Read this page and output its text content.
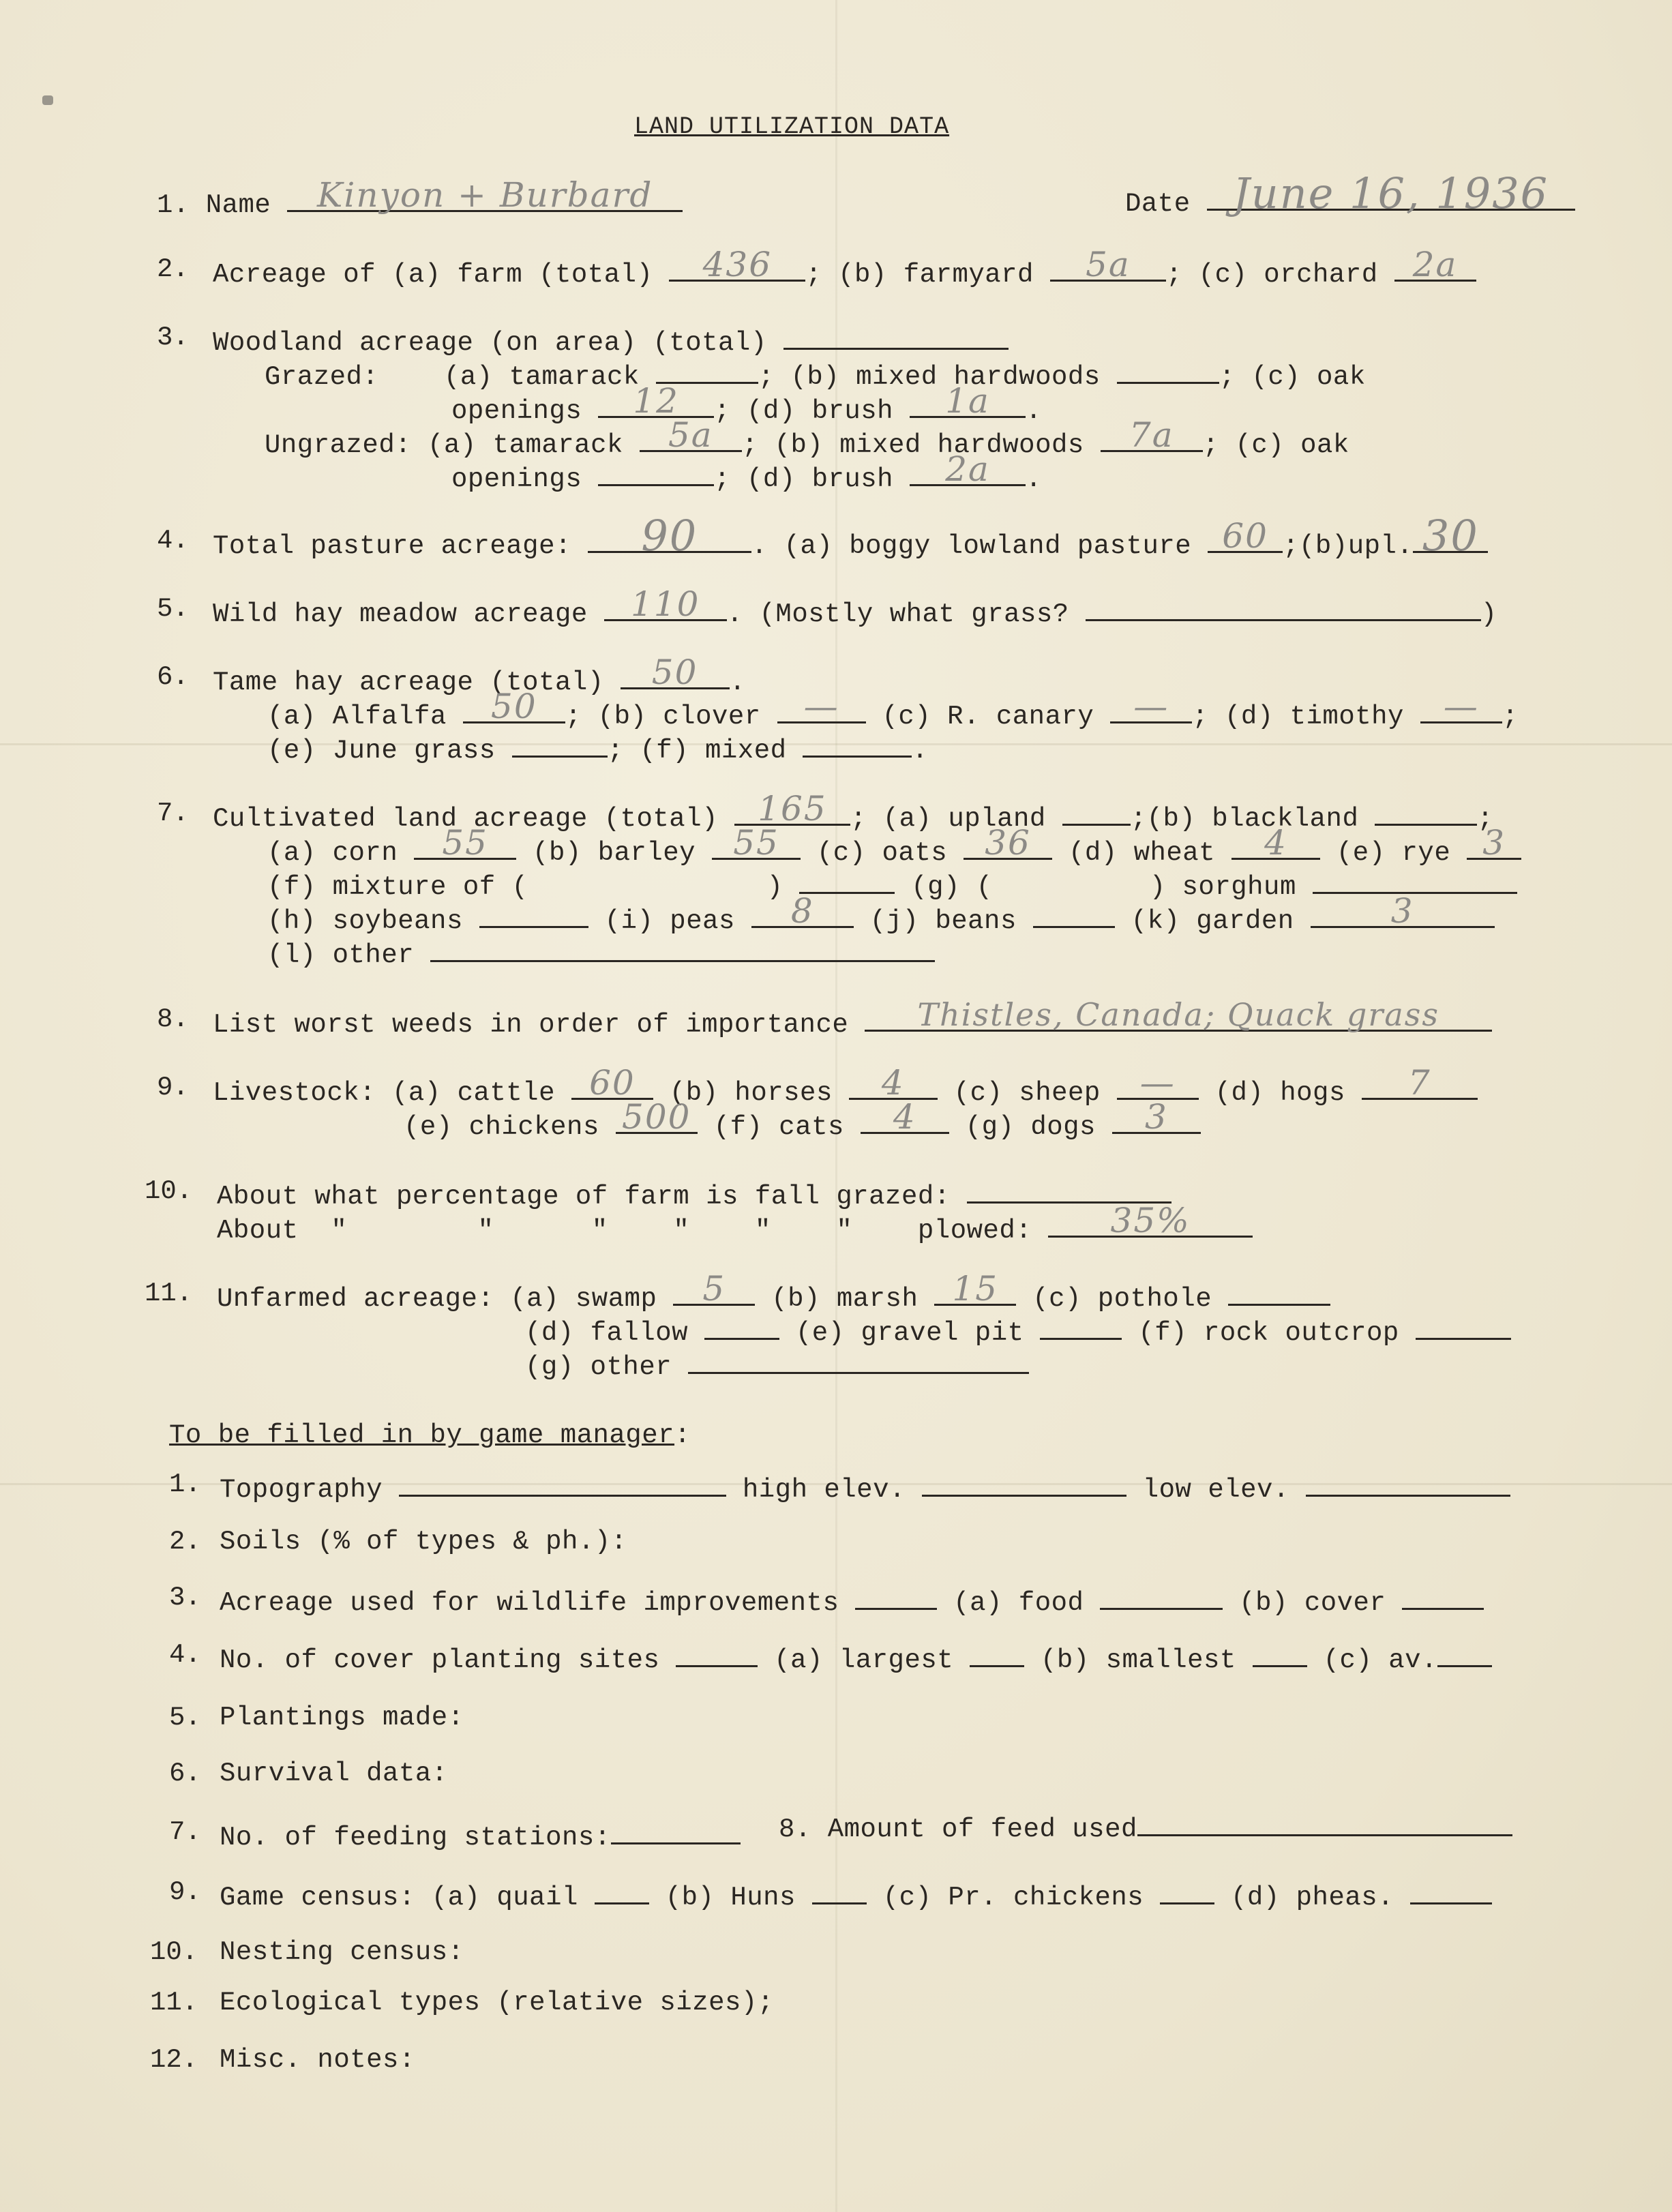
LAND UTILIZATION DATA
1. Name	Kinyon + Burbard	Date	June 16, 1936
2. Acreage of (a) farm (total)	436	; (b) farmyard	5a	; (c) orchard	2a
3. Woodland acreage (on area) (total)
Grazed: (a) tamarack	; (b) mixed hardwoods	; (c) oak
openings	12	; (d) brush	1a	.
Ungrazed: (a) tamarack	5a	; (b) mixed hardwoods	7a	; (c) oak
openings	; (d) brush	2a	.
4. Total pasture acreage:	90	. (a) boggy lowland pasture 60 ;(b)upl. 30
5. Wild hay meadow acreage	110	. (Mostly what grass?	)
6. Tame hay acreage (total)	50	.
(a) Alfalfa	50	; (b) clover	—	(c) R. canary	— ; (d) timothy	— ;
(e) June grass	; (f) mixed	.
7. Cultivated land acreage (total)	165 ; (a) upland	;(b) blackland	;
(a) corn	55	(b) barley	55	(c) oats	36	(d) wheat	4	(e) rye 3
(f) mixture of (	)	(g) (	) sorghum
(h) soybeans	(i) peas	8	(j) beans	(k) garden	3
(l) other
8. List worst weeds in order of importance	Thistles, Canada; Quack grass
9. Livestock: (a) cattle	60	(b) horses	4	(c) sheep	—	(d) hogs	7
(e) chickens 500 (f) cats	4	(g) dogs	3
10. About what percentage of farm is fall grazed:
About "        "      "    "    "    " plowed:	35%
11. Unfarmed acreage: (a) swamp	5	(b) marsh	15	(c) pothole
(d) fallow	(e) gravel pit	(f) rock outcrop
(g) other
To be filled in by game manager:
1. Topography	high elev.	low elev.
2. Soils (% of types & ph.):
3. Acreage used for wildlife improvements	(a) food	(b) cover
4. No. of cover planting sites	(a) largest	(b) smallest	(c) av.
5. Plantings made:
6. Survival data:
7. No. of feeding stations:	8. Amount of feed used
9. Game census: (a) quail	(b) Huns	(c) Pr. chickens	(d) pheas.
10. Nesting census:
11. Ecological types (relative sizes);
12. Misc. notes:
